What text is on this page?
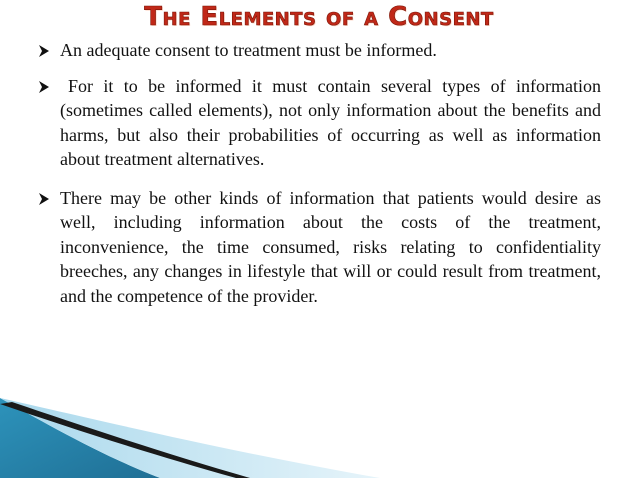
The Elements of a Consent
An adequate consent to treatment must be informed.
For it to be informed it must contain several types of information (sometimes called elements), not only information about the benefits and harms, but also their probabilities of occurring as well as information about treatment alternatives.
There may be other kinds of information that patients would desire as well, including information about the costs of the treatment, inconvenience, the time consumed, risks relating to confidentiality breeches, any changes in lifestyle that will or could result from treatment, and the competence of the provider.
